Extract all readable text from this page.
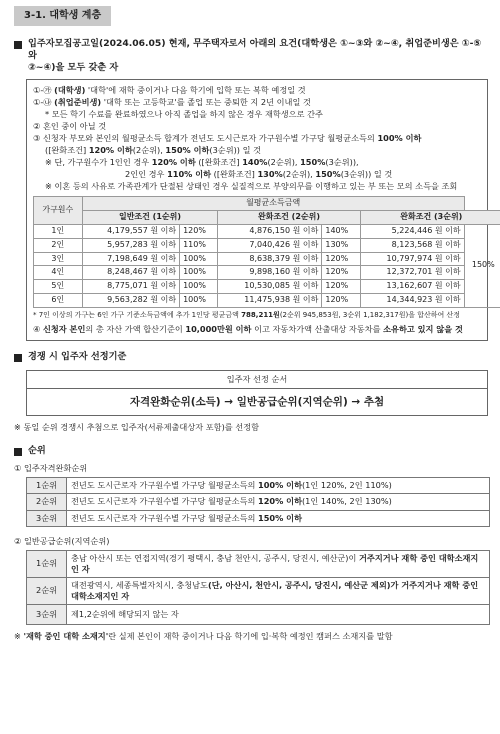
3-1. 대학생 계층
입주자모집공고일(2024.06.05) 현재, 무주택자로서 아래의 요건(대학생은 ①~③와 ②~④, 취업준비생은 ①-⑤와
②~④)을 모두 갖춘 자

①-㉮ (대학생) '대학'에 재학 중이거나 다음 학기에 입학 또는 복학 예정일 것

①-㉯ (취업준비생) '대학 또는 고등학교'를 졸업 또는 중퇴한 지 2년 이내일 것

* 모든 학기 수료를 완료하였으나 아직 졸업을 하지 않은 경우 재학생으로 간주

② 혼인 중이 아닐 것

③ 신청자 부모와 본인의 월평균소득 합계가 전년도 도시근로자 가구원수별 가구당 월평균소득의 100% 이하

([완화조건] 120% 이하(2순위), 150% 이하(3순위)) 일 것

※ 단, 가구원수가 1인인 경우 120% 이하 ([완화조건] 140%(2순위), 150%(3순위)),

2인인 경우 110% 이하 ([완화조건] 130%(2순위), 150%(3순위)) 일 것

※ 이혼 등의 사유로 가족관계가 단절된 상태인 경우 실질적으로 부양의무를 이행하고 있는 부 또는 모의 소득을 조회

가구원수	월평균소득금액					
	일반조건 (1순위)		완화조건 (2순위)		완화조건 (3순위)	
1인	4,179,557 원 이하	120%	4,876,150 원 이하	140%	5,224,446 원 이하	150%
2인	5,957,283 원 이하	110%	7,040,426 원 이하	130%	8,123,568 원 이하	
3인	7,198,649 원 이하	100%	8,638,379 원 이하	120%	10,797,974 원 이하	
4인	8,248,467 원 이하	100%	9,898,160 원 이하	120%	12,372,701 원 이하	
5인	8,775,071 원 이하	100%	10,530,085 원 이하	120%	13,162,607 원 이하	
6인	9,563,282 원 이하	100%	11,475,938 원 이하	120%	14,344,923 원 이하	

* 7인 이상의 가구는 6인 가구 기준소득금액에 추가 1인당 평균금액 788,211원(2순위 945,853원, 3순위 1,182,317원)을 합산하여 산정

④ 신청자 본인의 총 자산 가액 합산기준이 10,000만원 이하 이고 자동차가액 산출대상 자동차를 소유하고 있지 않을 것

경쟁 시 입주자 선정기준
입주자 선정 순서
자격완화순위(소득) → 일반공급순위(지역순위) → 추첨

※ 동일 순위 경쟁시 추첨으로 입주자(서류제출대상자 포함)를 선정함

순위

① 입주자격완화순위

1순위	전년도 도시근로자 가구원수별 가구당 월평균소득의 100% 이하(1인 120%, 2인 110%)
2순위	전년도 도시근로자 가구원수별 가구당 월평균소득의 120% 이하(1인 140%, 2인 130%)
3순위	전년도 도시근로자 가구원수별 가구당 월평균소득의 150% 이하

② 일반공급순위(지역순위)

1순위	충남 아산시 또는 연접지역(경기 평택시, 충남 천안시, 공주시, 당진시, 예산군)이 거주지거나 재학 중인 대학소재지인 자
2순위	대전광역시, 세종특별자치시, 충청남도(단, 아산시, 천안시, 공주시, 당진시, 예산군 제외)가 거주지거나 재학 중인 대학소재지인 자
3순위	제1,2순위에 해당되지 않는 자

※ '재학 중인 대학 소재지'란 실제 본인이 재학 중이거나 다음 학기에 입·복학 예정인 캠퍼스 소재지를 말함
